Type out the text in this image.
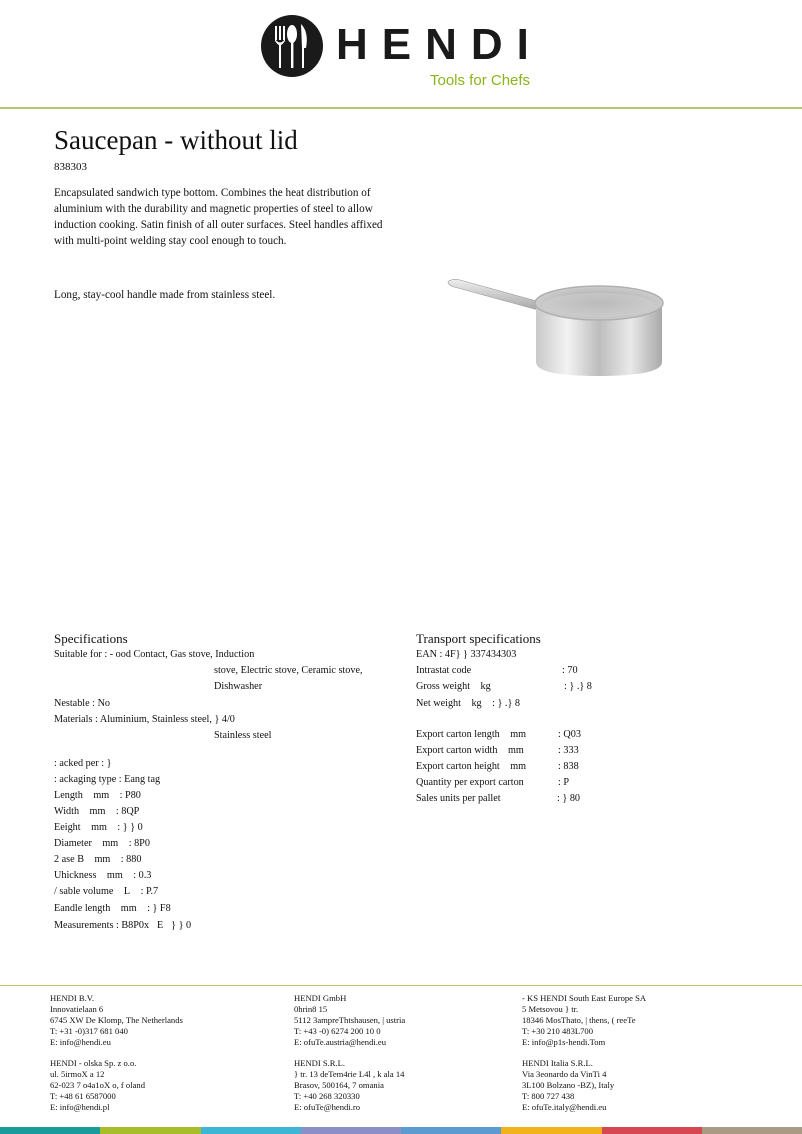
HENDI
Tools for Chefs
Saucepan - without lid
838303
Encapsulated sandwich type bottom. Combines the heat distribution of aluminium with the durability and magnetic properties of steel to allow induction cooking. Satin finish of all outer surfaces. Steel handles affixed with multi-point welding stay cool enough to touch.
Long, stay-cool handle made from stainless steel.
Specifications
Suitable for : - ood Contact, Gas stove, Induction
stove, Electric stove, Ceramic stove,
Dishwasher
Nestable : No
Materials : Aluminium, Stainless steel, } 4/0
Stainless steel
: acked per : }
: ackaging type : Eang tag
Length  mm  : P80
Width  mm  : 8QP
Eeight  mm  : } } 0
Diameter  mm  : 8P0
2 ase B  mm  : 880
Uhickness  mm  : 0.3
/ sable volume  L  : P.7
Eandle length  mm  : } F8
Measurements : B8P0x E } } 0
Transport specifications
EAN : 4F} } 337434303
Intrastat code	: 70
Gross weight  kg 	: } .} 8
Net weight  kg  : } .} 8
Export carton length  mm  : Q03
Export carton width  mm 	: 333
Export carton height  mm  : 838
Quantity per export carton	: P
Sales units per pallet	: } 80
HENDI B.V.
Innovatielaan 6
6745 XW De Klomp, The Netherlands
T: +31 -0)317 681 040
E: info@hendi.eu
HENDI - olska Sp. z o.o.
ul. 5irmoX a 12
62-023 7 o4a1oX o, f oland
T: +48 61 6587000
E: info@hendi.pl
HENDI GmbH
0hrin8 15
5112 3ampreThtshausen, | ustria
T: +43 -0) 6274 200 10 0
E: ofuTe.austria@hendi.eu
HENDI S.R.L.
} tr. 13 deTem4rie L4l , k ala 14
Brasov, 500164, 7 omania
T: +40 268 320330
E: ofuTe@hendi.ro
- KS HENDI South East Europe SA
5 Metsovou } tr.
18346 MosThato, | thens, ( reeTe
T: +30 210 483L700
E: info@p1s-hendi.Tom
HENDI Italia S.R.L.
Via 3eonardo da VinTi 4
3L100 Bolzano -BZ), Italy
T: 800 727 438
E: ofuTe.italy@hendi.eu
